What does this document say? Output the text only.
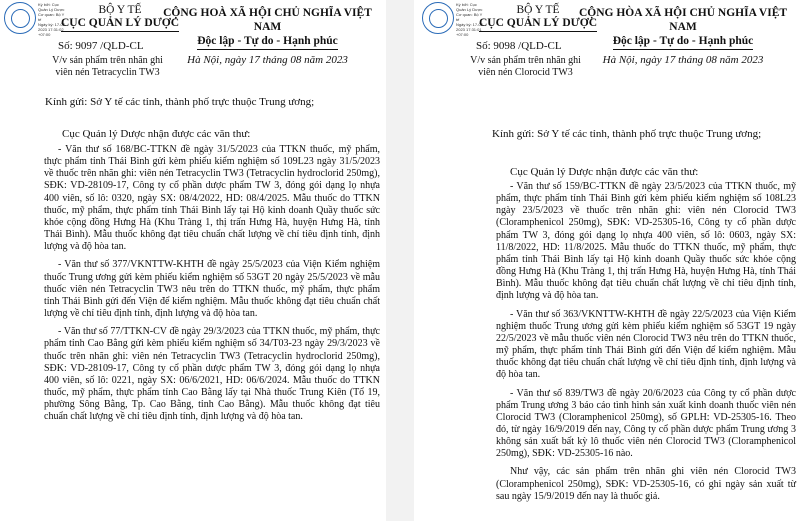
Ký bởi: Cục Quản Lý Dược
Cơ quan: Bộ Y tế
Ngày ký: 17-08-2023 17:31:02 +07:00
BỘ Y TẾ
CỤC QUẢN LÝ DƯỢC
CỘNG HOÀ XÃ HỘI CHỦ NGHĨA VIỆT NAM
Độc lập - Tự do - Hạnh phúc
Hà Nội, ngày 17 tháng 08 năm 2023
Số: 9097 /QLD-CL
V/v sản phẩm trên nhãn ghi
viên nén Tetracyclin TW3
Kính gửi: Sở Y tế các tỉnh, thành phố trực thuộc Trung ương;
Cục Quản lý Dược nhận được các văn thư:

- Văn thư số 168/BC-TTKN đề ngày 31/5/2023 của TTKN thuốc, mỹ phẩm, thực phẩm tỉnh Thái Bình gửi kèm phiếu kiểm nghiệm số 109L23 ngày 31/5/2023 về thuốc trên nhãn ghi: viên nén Tetracyclin TW3 (Tetracyclin hydroclorid 250mg), SĐK: VD-28109-17, Công ty cổ phần dược phẩm TW 3, đóng gói dạng lọ nhựa 400 viên, số lô: 0320, ngày SX: 08/4/2022, HD: 08/4/2025. Mẫu thuốc do TTKN thuốc, mỹ phẩm, thực phẩm tỉnh Thái Bình lấy tại Hộ kinh doanh Quầy thuốc sức khỏe cộng đồng Hưng Hà (Khu Tràng 1, thị trấn Hưng Hà, huyện Hưng Hà, tỉnh Thái Bình). Mẫu thuốc không đạt tiêu chuẩn chất lượng về chỉ tiêu định tính, định lượng và độ hòa tan.

- Văn thư số 377/VKNTTW-KHTH đề ngày 25/5/2023 của Viện Kiểm nghiệm thuốc Trung ương gửi kèm phiếu kiểm nghiệm số 53GT 20 ngày 25/5/2023 về mẫu thuốc viên nén Tetracyclin TW3 nêu trên do TTKN thuốc, mỹ phẩm, thực phẩm tỉnh Thái Bình gửi đến Viện để kiểm nghiệm. Mẫu thuốc không đạt tiêu chuẩn chất lượng về chỉ tiêu định tính, định lượng và độ hòa tan.

- Văn thư số 77/TTKN-CV đề ngày 29/3/2023 của TTKN thuốc, mỹ phẩm, thực phẩm tỉnh Cao Bằng gửi kèm phiếu kiểm nghiệm số 34/T03-23 ngày 29/3/2023 về thuốc trên nhãn ghi: viên nén Tetracyclin TW3 (Tetracyclin hydroclorid 250mg), SĐK: VD-28109-17, Công ty cổ phần dược phẩm TW 3, đóng gói dạng lọ nhựa 400 viên, số lô: 0221, ngày SX: 06/6/2021, HD: 06/6/2024. Mẫu thuốc do TTKN thuốc, mỹ phẩm, thực phẩm tỉnh Cao Bằng lấy tại Nhà thuốc Trung Kiên (Tổ 19, phường Sông Bằng, Tp. Cao Bằng, tỉnh Cao Bằng). Mẫu thuốc không đạt tiêu chuẩn chất lượng về chỉ tiêu định tính, định lượng và độ hòa tan.

Ký bởi: Cục Quản Lý Dược
Cơ quan: Bộ Y tế
Ngày ký: 17-08-2023 17:31:01 +07:00
BỘ Y TẾ
CỤC QUẢN LÝ DƯỢC
CỘNG HÒA XÃ HỘI CHỦ NGHĨA VIỆT NAM
Độc lập - Tự do - Hạnh phúc
Hà Nội, ngày 17 tháng 08 năm 2023
Số: 9098 /QLD-CL
V/v sản phẩm trên nhãn ghi
viên nén Clorocid TW3
Kính gửi: Sở Y tế các tỉnh, thành phố trực thuộc Trung ương;
Cục Quản lý Dược nhận được các văn thư:

- Văn thư số 159/BC-TTKN đề ngày 23/5/2023 của TTKN thuốc, mỹ phẩm, thực phẩm tỉnh Thái Bình gửi kèm phiếu kiểm nghiệm số 108L23 ngày 23/5/2023 về thuốc trên nhãn ghi: viên nén Clorocid TW3 (Cloramphenicol 250mg), SĐK: VD-25305-16, Công ty cổ phần dược phẩm TW 3, đóng gói dạng lọ nhựa 400 viên, số lô: 0603, ngày SX: 11/8/2022, HD: 11/8/2025. Mẫu thuốc do TTKN thuốc, mỹ phẩm, thực phẩm tỉnh Thái Bình lấy tại Hộ kinh doanh Quầy thuốc sức khỏe cộng đồng Hưng Hà (Khu Tràng 1, thị trấn Hưng Hà, huyện Hưng Hà, tỉnh Thái Bình). Mẫu thuốc không đạt tiêu chuẩn chất lượng về chỉ tiêu định tính, định lượng và độ hòa tan.

- Văn thư số 363/VKNTTW-KHTH đề ngày 22/5/2023 của Viện Kiểm nghiệm thuốc Trung ương gửi kèm phiếu kiểm nghiệm số 53GT 19 ngày 22/5/2023 về mẫu thuốc viên nén Clorocid TW3 nêu trên do TTKN thuốc, mỹ phẩm, thực phẩm tỉnh Thái Bình gửi đến Viện để kiểm nghiệm. Mẫu thuốc không đạt tiêu chuẩn chất lượng về chỉ tiêu định tính, định lượng và độ hòa tan.

- Văn thư số 839/TW3 đề ngày 20/6/2023 của Công ty cổ phần dược phẩm Trung ương 3 báo cáo tình hình sản xuất kinh doanh thuốc viên nén Clorocid TW3 (Cloramphenicol 250mg), số GPLH: VD-25305-16. Theo đó, từ ngày 16/9/2019 đến nay, Công ty cổ phần dược phẩm Trung ương 3 không sản xuất bất kỳ lô thuốc viên nén Clorocid TW3 (Cloramphenicol 250mg), SĐK: VD-25305-16 nào.

Như vậy, các sản phẩm trên nhãn ghi viên nén Clorocid TW3 (Cloramphenicol 250mg), SĐK: VD-25305-16, có ghi ngày sản xuất từ sau ngày 15/9/2019 đến nay là thuốc giả.
